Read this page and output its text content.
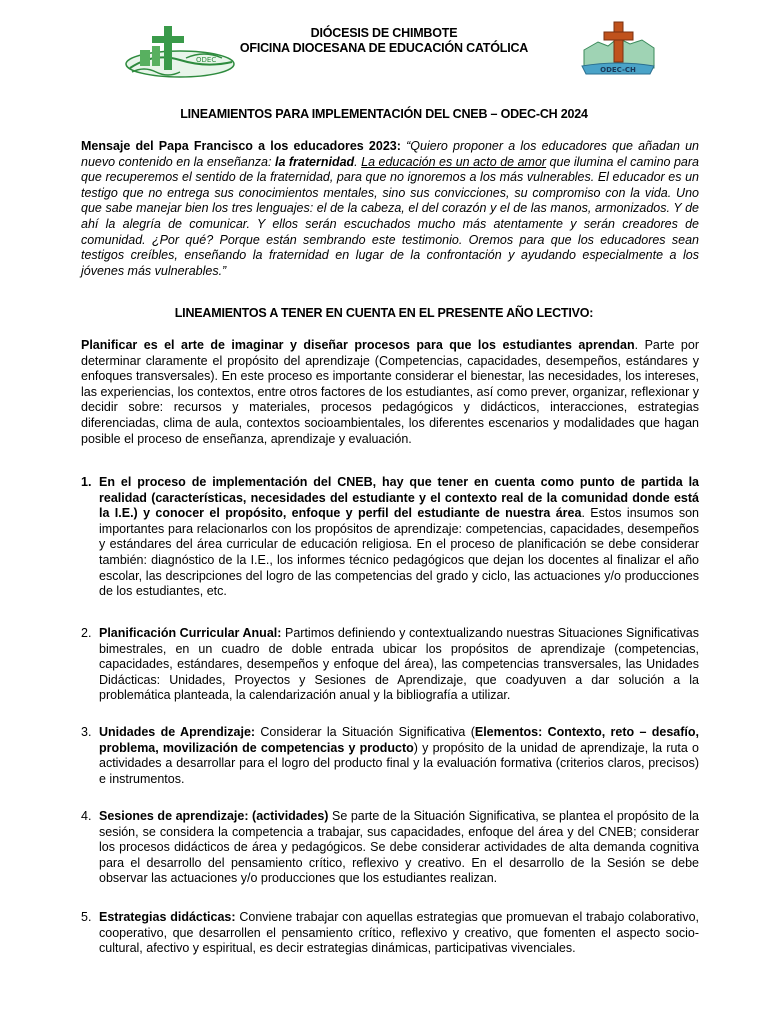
ODEC
ODEC-CH
DIÓCESIS DE CHIMBOTE
OFICINA DIOCESANA DE EDUCACIÓN CATÓLICA
LINEAMIENTOS PARA IMPLEMENTACIÓN DEL CNEB – ODEC-CH 2024
Mensaje del Papa Francisco a los educadores 2023: “Quiero proponer a los educadores que añadan un nuevo contenido en la enseñanza: la fraternidad. La educación es un acto de amor que ilumina el camino para que recuperemos el sentido de la fraternidad, para que no ignoremos a los más vulnerables. El educador es un testigo que no entrega sus conocimientos mentales, sino sus convicciones, su compromiso con la vida. Uno que sabe manejar bien los tres lenguajes: el de la cabeza, el del corazón y el de las manos, armonizados. Y de ahí la alegría de comunicar. Y ellos serán escuchados mucho más atentamente y serán creadores de comunidad. ¿Por qué? Porque están sembrando este testimonio. Oremos para que los educadores sean testigos creíbles, enseñando la fraternidad en lugar de la confrontación y ayudando especialmente a los jóvenes más vulnerables.”
LINEAMIENTOS A TENER EN CUENTA EN EL PRESENTE AÑO LECTIVO:
Planificar es el arte de imaginar y diseñar procesos para que los estudiantes aprendan. Parte por determinar claramente el propósito del aprendizaje (Competencias, capacidades, desempeños, estándares y enfoques transversales). En este proceso es importante considerar el bienestar, las necesidades, los intereses, las experiencias, los contextos, entre otros factores de los estudiantes, así como prever, organizar, reflexionar y decidir sobre: recursos y materiales, procesos pedagógicos y didácticos, interacciones, estrategias diferenciadas, clima de aula, contextos socioambientales, los diferentes escenarios y modalidades que hagan posible el proceso de enseñanza, aprendizaje y evaluación.
1. En el proceso de implementación del CNEB, hay que tener en cuenta como punto de partida la realidad (características, necesidades del estudiante y el contexto real de la comunidad donde está la I.E.) y conocer el propósito, enfoque y perfil del estudiante de nuestra área. Estos insumos son importantes para relacionarlos con los propósitos de aprendizaje: competencias, capacidades, desempeños y estándares del área curricular de educación religiosa. En el proceso de planificación se debe considerar también: diagnóstico de la I.E., los informes técnico pedagógicos que dejan los docentes al finalizar el año escolar, las descripciones del logro de las competencias del grado y ciclo, las actuaciones y/o producciones de los estudiantes, etc.
2. Planificación Curricular Anual: Partimos definiendo y contextualizando nuestras Situaciones Significativas bimestrales, en un cuadro de doble entrada ubicar los propósitos de aprendizaje (competencias, capacidades, estándares, desempeños y enfoque del área), las competencias transversales, las Unidades Didácticas: Unidades, Proyectos y Sesiones de Aprendizaje, que coadyuven a dar solución a la problemática planteada, la calendarización anual y la bibliografía a utilizar.
3. Unidades de Aprendizaje: Considerar la Situación Significativa (Elementos: Contexto, reto – desafío, problema, movilización de competencias y producto) y propósito de la unidad de aprendizaje, la ruta o actividades a desarrollar para el logro del producto final y la evaluación formativa (criterios claros, precisos) e instrumentos.
4. Sesiones de aprendizaje: (actividades) Se parte de la Situación Significativa, se plantea el propósito de la sesión, se considera la competencia a trabajar, sus capacidades, enfoque del área y del CNEB; considerar los procesos didácticos de área y pedagógicos. Se debe considerar actividades de alta demanda cognitiva para el desarrollo del pensamiento crítico, reflexivo y creativo. En el desarrollo de la Sesión se debe observar las actuaciones y/o producciones que los estudiantes realizan.
5. Estrategias didácticas: Conviene trabajar con aquellas estrategias que promuevan el trabajo colaborativo, cooperativo, que desarrollen el pensamiento crítico, reflexivo y creativo, que fomenten el aspecto socio-cultural, afectivo y espiritual, es decir estrategias dinámicas, participativas vivenciales.
